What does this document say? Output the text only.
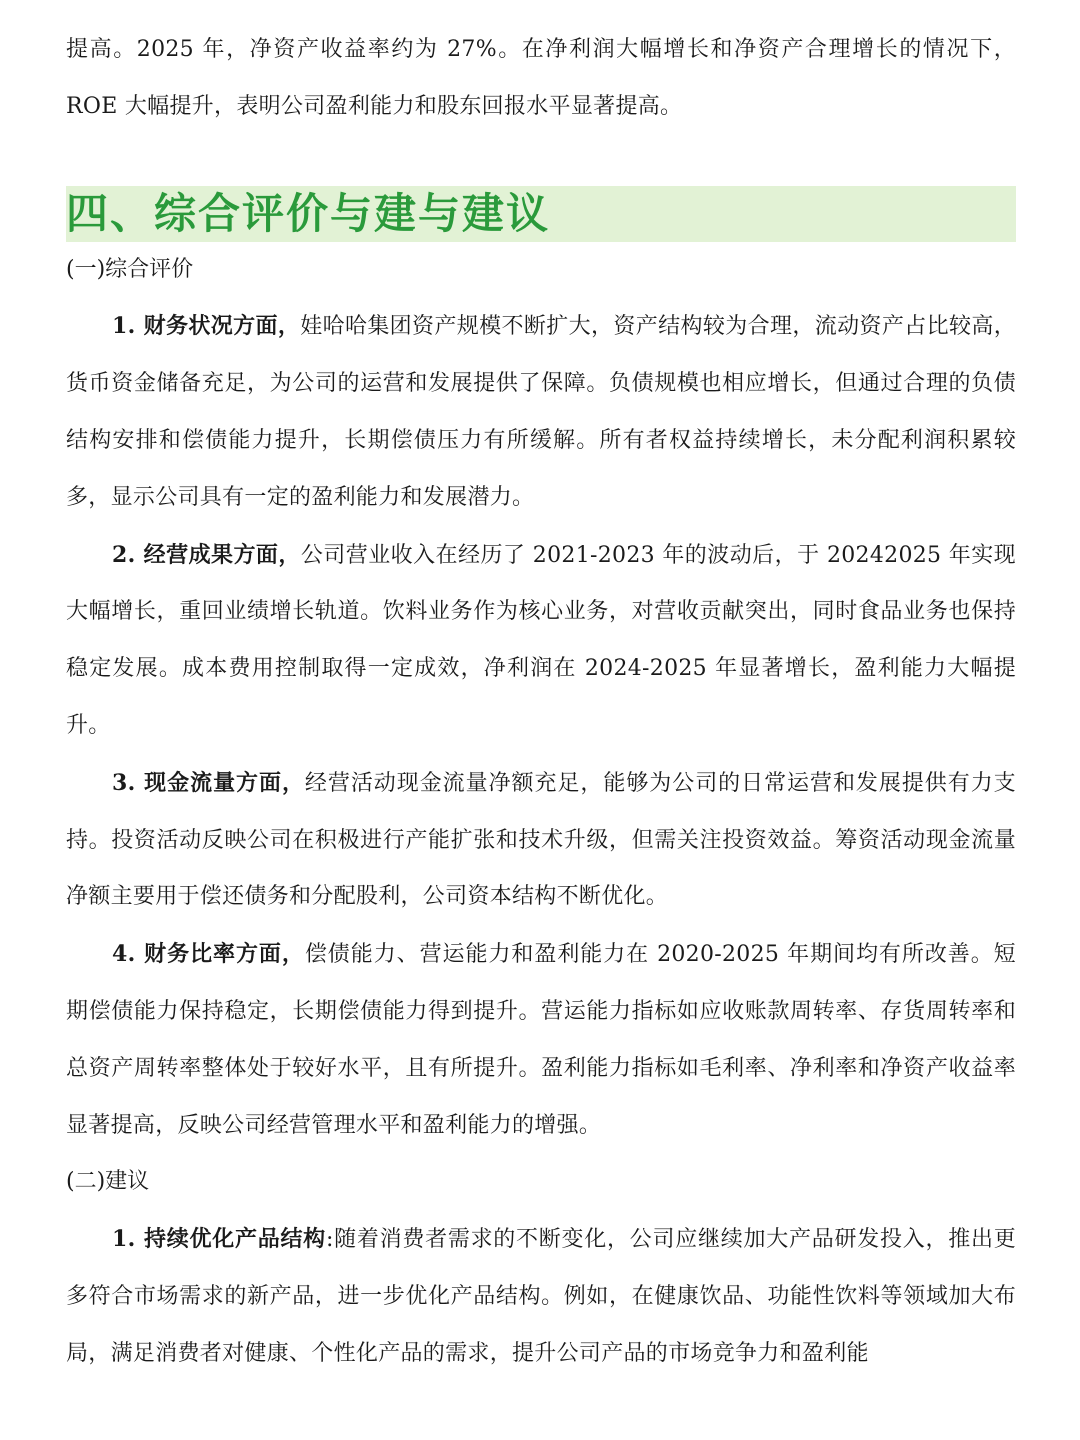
提高。2025 年，净资产收益率约为 27%。在净利润大幅增长和净资产合理增长的情况下，ROE 大幅提升，表明公司盈利能力和股东回报水平显著提高。

四、综合评价与建与建议

(一)综合评价

1. 财务状况方面，娃哈哈集团资产规模不断扩大，资产结构较为合理，流动资产占比较高，货币资金储备充足，为公司的运营和发展提供了保障。负债规模也相应增长，但通过合理的负债结构安排和偿债能力提升，长期偿债压力有所缓解。所有者权益持续增长，未分配利润积累较多，显示公司具有一定的盈利能力和发展潜力。

2. 经营成果方面，公司营业收入在经历了 2021-2023 年的波动后，于 20242025 年实现大幅增长，重回业绩增长轨道。饮料业务作为核心业务，对营收贡献突出，同时食品业务也保持稳定发展。成本费用控制取得一定成效，净利润在 2024-2025 年显著增长，盈利能力大幅提升。

3. 现金流量方面，经营活动现金流量净额充足，能够为公司的日常运营和发展提供有力支持。投资活动反映公司在积极进行产能扩张和技术升级，但需关注投资效益。筹资活动现金流量净额主要用于偿还债务和分配股利，公司资本结构不断优化。

4. 财务比率方面，偿债能力、营运能力和盈利能力在 2020-2025 年期间均有所改善。短期偿债能力保持稳定，长期偿债能力得到提升。营运能力指标如应收账款周转率、存货周转率和总资产周转率整体处于较好水平，且有所提升。盈利能力指标如毛利率、净利率和净资产收益率显著提高，反映公司经营管理水平和盈利能力的增强。

(二)建议

1. 持续优化产品结构:随着消费者需求的不断变化，公司应继续加大产品研发投入，推出更多符合市场需求的新产品，进一步优化产品结构。例如，在健康饮品、功能性饮料等领域加大布局，满足消费者对健康、个性化产品的需求，提升公司产品的市场竞争力和盈利能
